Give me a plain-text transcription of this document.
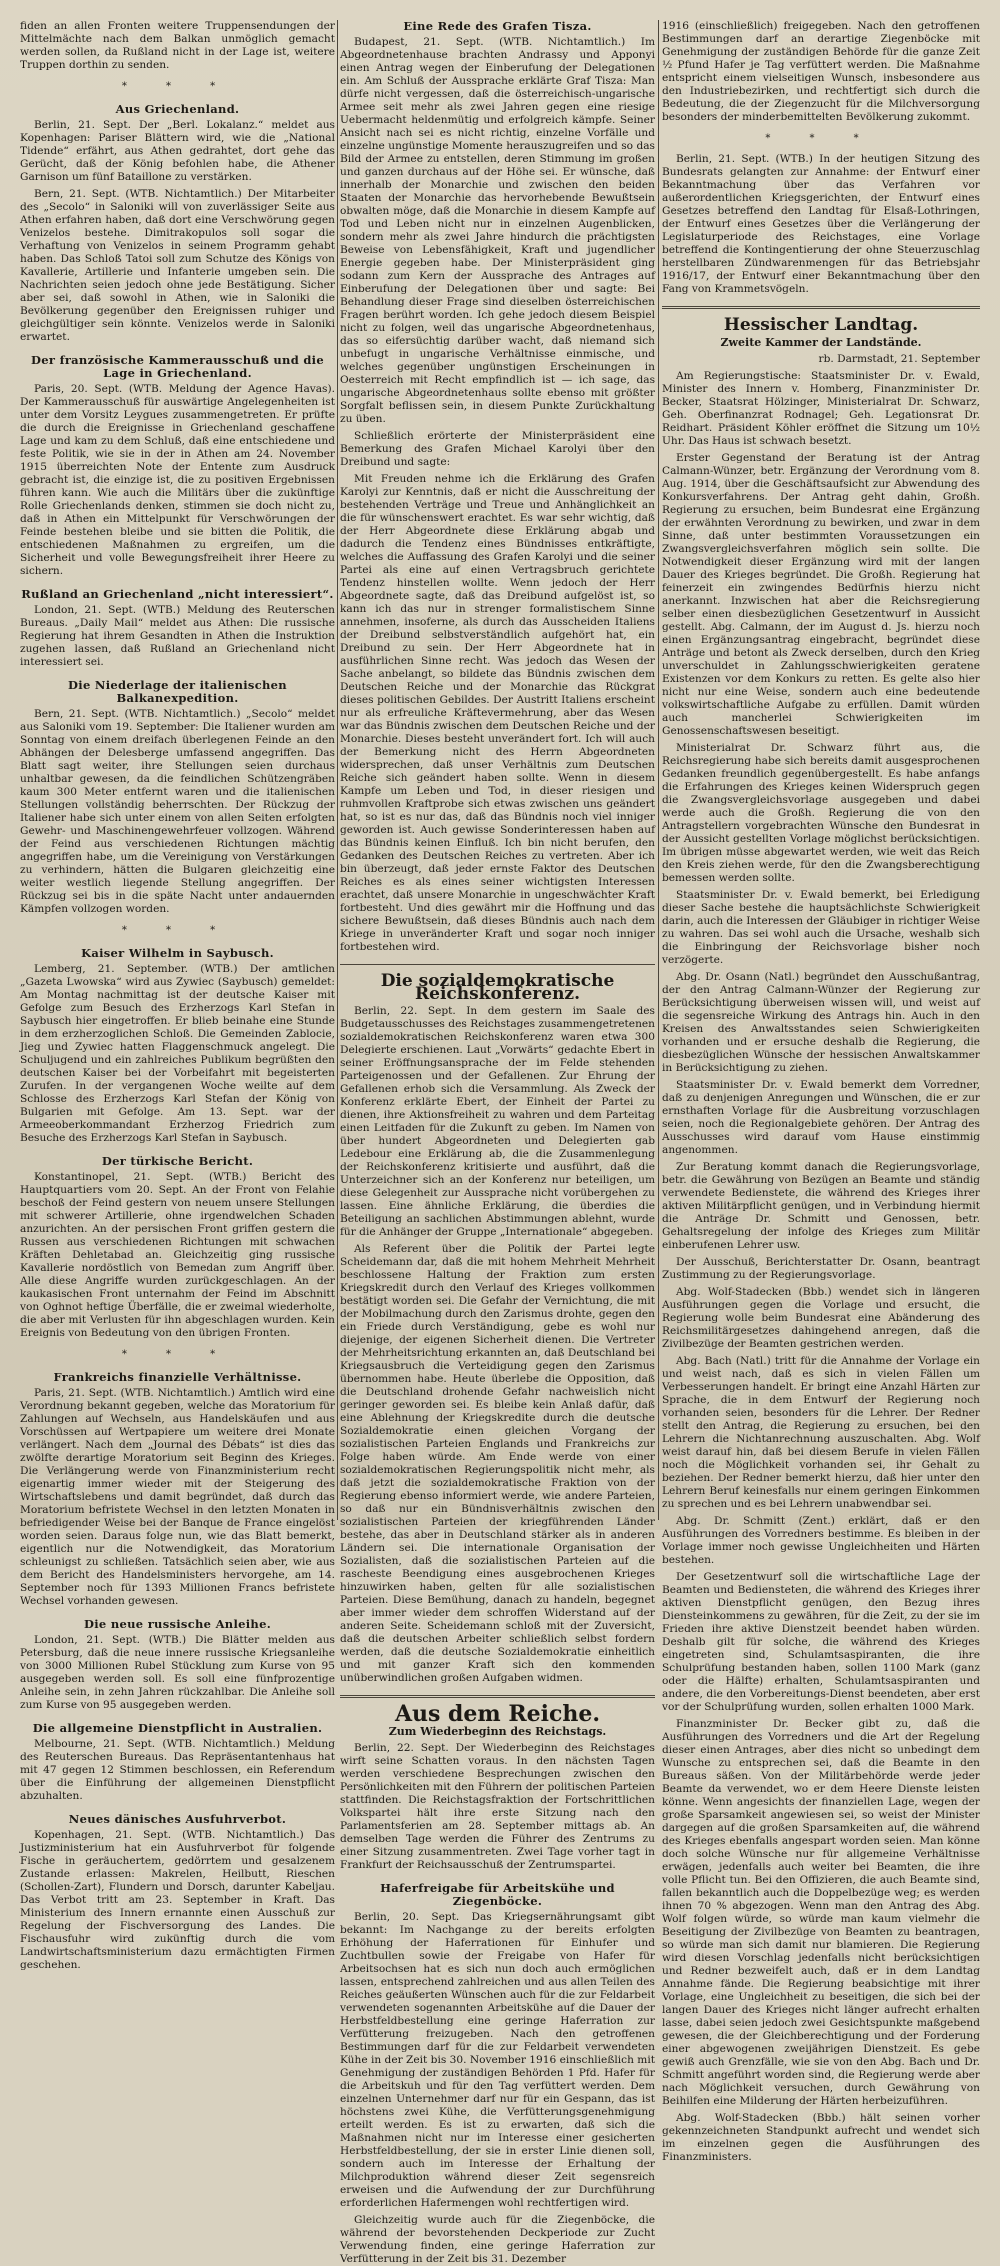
fiden an allen Fronten weitere Truppensendungen der Mittelmächte nach dem Balkan unmöglich gemacht werden sollen, da Rußland nicht in der Lage ist, weitere Truppen dorthin zu senden.

* * *
Aus Griechenland.

Berlin, 21. Sept. Der „Berl. Lokalanz.“ meldet aus Kopenhagen: Pariser Blättern wird, wie die „National Tidende“ erfährt, aus Athen gedrahtet, dort gehe das Gerücht, daß der König befohlen habe, die Athener Garnison um fünf Bataillone zu verstärken.

Bern, 21. Sept. (WTB. Nichtamtlich.) Der Mitarbeiter des „Secolo“ in Saloniki will von zuverlässiger Seite aus Athen erfahren haben, daß dort eine Verschwörung gegen Venizelos bestehe. Dimitrakopulos soll sogar die Verhaftung von Venizelos in seinem Programm gehabt haben. Das Schloß Tatoi soll zum Schutze des Königs von Kavallerie, Artillerie und Infanterie umgeben sein. Die Nachrichten seien jedoch ohne jede Bestätigung. Sicher aber sei, daß sowohl in Athen, wie in Saloniki die Bevölkerung gegenüber den Ereignissen ruhiger und gleichgültiger sein könnte. Venizelos werde in Saloniki erwartet.

Der französische Kammerausschuß und die Lage in Griechenland.

Paris, 20. Sept. (WTB. Meldung der Agence Havas). Der Kammerausschuß für auswärtige Angelegenheiten ist unter dem Vorsitz Leygues zusammengetreten. Er prüfte die durch die Ereignisse in Griechenland geschaffene Lage und kam zu dem Schluß, daß eine entschiedene und feste Politik, wie sie in der in Athen am 24. November 1915 überreichten Note der Entente zum Ausdruck gebracht ist, die einzige ist, die zu positiven Ergebnissen führen kann. Wie auch die Militärs über die zukünftige Rolle Griechenlands denken, stimmen sie doch nicht zu, daß in Athen ein Mittelpunkt für Verschwörungen der Feinde bestehen bleibe und sie bitten die Politik, die entschiedenen Maßnahmen zu ergreifen, um die Sicherheit und volle Bewegungsfreiheit ihrer Heere zu sichern.

Rußland an Griechenland „nicht interessiert“.

London, 21. Sept. (WTB.) Meldung des Reuterschen Bureaus. „Daily Mail“ meldet aus Athen: Die russische Regierung hat ihrem Gesandten in Athen die Instruktion zugehen lassen, daß Rußland an Griechenland nicht interessiert sei.

Die Niederlage der italienischen Balkanexpedition.

Bern, 21. Sept. (WTB. Nichtamtlich.) „Secolo“ meldet aus Saloniki vom 19. September: Die Italiener wurden am Sonntag von einem dreifach überlegenen Feinde an den Abhängen der Delesberge umfassend angegriffen. Das Blatt sagt weiter, ihre Stellungen seien durchaus unhaltbar gewesen, da die feindlichen Schützengräben kaum 300 Meter entfernt waren und die italienischen Stellungen vollständig beherrschten. Der Rückzug der Italiener habe sich unter einem von allen Seiten erfolgten Gewehr- und Maschinengewehrfeuer vollzogen. Während der Feind aus verschiedenen Richtungen mächtig angegriffen habe, um die Vereinigung von Verstärkungen zu verhindern, hätten die Bulgaren gleichzeitig eine weiter westlich liegende Stellung angegriffen. Der Rückzug sei bis in die späte Nacht unter andauernden Kämpfen vollzogen worden.

* * *
Kaiser Wilhelm in Saybusch.

Lemberg, 21. September. (WTB.) Der amtlichen „Gazeta Lwowska“ wird aus Zywiec (Saybusch) gemeldet: Am Montag nachmittag ist der deutsche Kaiser mit Gefolge zum Besuch des Erzherzogs Karl Stefan in Saybusch hier eingetroffen. Er blieb beinahe eine Stunde in dem erzherzoglichen Schloß. Die Gemeinden Zablocie, Jieg und Zywiec hatten Flaggenschmuck angelegt. Die Schuljugend und ein zahlreiches Publikum begrüßten den deutschen Kaiser bei der Vorbeifahrt mit begeisterten Zurufen. In der vergangenen Woche weilte auf dem Schlosse des Erzherzogs Karl Stefan der König von Bulgarien mit Gefolge. Am 13. Sept. war der Armeeoberkommandant Erzherzog Friedrich zum Besuche des Erzherzogs Karl Stefan in Saybusch.

Der türkische Bericht.

Konstantinopel, 21. Sept. (WTB.) Bericht des Hauptquartiers vom 20. Sept. An der Front von Felahie beschoß der Feind gestern von neuem unsere Stellungen mit schwerer Artillerie, ohne irgendwelchen Schaden anzurichten. An der persischen Front griffen gestern die Russen aus verschiedenen Richtungen mit schwachen Kräften Dehletabad an. Gleichzeitig ging russische Kavallerie nordöstlich von Bemedan zum Angriff über. Alle diese Angriffe wurden zurückgeschlagen. An der kaukasischen Front unternahm der Feind im Abschnitt von Oghnot heftige Überfälle, die er zweimal wiederholte, die aber mit Verlusten für ihn abgeschlagen wurden. Kein Ereignis von Bedeutung von den übrigen Fronten.

* * *
Frankreichs finanzielle Verhältnisse.

Paris, 21. Sept. (WTB. Nichtamtlich.) Amtlich wird eine Verordnung bekannt gegeben, welche das Moratorium für Zahlungen auf Wechseln, aus Handelskäufen und aus Vorschüssen auf Wertpapiere um weitere drei Monate verlängert. Nach dem „Journal des Débats“ ist dies das zwölfte derartige Moratorium seit Beginn des Krieges. Die Verlängerung werde von Finanzministerium recht eigenartig immer wieder mit der Steigerung des Wirtschaftslebens und damit begründet, daß durch das Moratorium befristete Wechsel in den letzten Monaten in befriedigender Weise bei der Banque de France eingelöst worden seien. Daraus folge nun, wie das Blatt bemerkt, eigentlich nur die Notwendigkeit, das Moratorium schleunigst zu schließen. Tatsächlich seien aber, wie aus dem Bericht des Handelsministers hervorgehe, am 14. September noch für 1393 Millionen Francs befristete Wechsel vorhanden gewesen.

Die neue russische Anleihe.

London, 21. Sept. (WTB.) Die Blätter melden aus Petersburg, daß die neue innere russische Kriegsanleihe von 3000 Millionen Rubel Stücklung zum Kurse von 95 ausgegeben werden soll. Es soll eine fünfprozentige Anleihe sein, in zehn Jahren rückzahlbar. Die Anleihe soll zum Kurse von 95 ausgegeben werden.

Die allgemeine Dienstpflicht in Australien.

Melbourne, 21. Sept. (WTB. Nichtamtlich.) Meldung des Reuterschen Bureaus. Das Repräsentantenhaus hat mit 47 gegen 12 Stimmen beschlossen, ein Referendum über die Einführung der allgemeinen Dienstpflicht abzuhalten.

Neues dänisches Ausfuhrverbot.

Kopenhagen, 21. Sept. (WTB. Nichtamtlich.) Das Justizministerium hat ein Ausfuhrverbot für folgende Fische in geräuchertem, gedörrtem und gesalzenem Zustande erlassen: Makrelen, Heilbutt, Rieschen (Schollen-Zart), Flundern und Dorsch, darunter Kabeljau. Das Verbot tritt am 23. September in Kraft. Das Ministerium des Innern ernannte einen Ausschuß zur Regelung der Fischversorgung des Landes. Die Fischausfuhr wird zukünftig durch die vom Landwirtschaftsministerium dazu ermächtigten Firmen geschehen.

Eine Rede des Grafen Tisza.

Budapest, 21. Sept. (WTB. Nichtamtlich.) Im Abgeordnetenhause brachten Andrassy und Apponyi einen Antrag wegen der Einberufung der Delegationen ein. Am Schluß der Aussprache erklärte Graf Tisza: Man dürfe nicht vergessen, daß die österreichisch-ungarische Armee seit mehr als zwei Jahren gegen eine riesige Uebermacht heldenmütig und erfolgreich kämpfe. Seiner Ansicht nach sei es nicht richtig, einzelne Vorfälle und einzelne ungünstige Momente herauszugreifen und so das Bild der Armee zu entstellen, deren Stimmung im großen und ganzen durchaus auf der Höhe sei. Er wünsche, daß innerhalb der Monarchie und zwischen den beiden Staaten der Monarchie das hervorhebende Bewußtsein obwalten möge, daß die Monarchie in diesem Kampfe auf Tod und Leben nicht nur in einzelnen Augenblicken, sondern mehr als zwei Jahre hindurch die prächtigsten Beweise von Lebensfähigkeit, Kraft und jugendlicher Energie gegeben habe. Der Ministerpräsident ging sodann zum Kern der Aussprache des Antrages auf Einberufung der Delegationen über und sagte: Bei Behandlung dieser Frage sind dieselben österreichischen Fragen berührt worden. Ich gehe jedoch diesem Beispiel nicht zu folgen, weil das ungarische Abgeordnetenhaus, das so eifersüchtig darüber wacht, daß niemand sich unbefugt in ungarische Verhältnisse einmische, und welches gegenüber ungünstigen Erscheinungen in Oesterreich mit Recht empfindlich ist — ich sage, das ungarische Abgeordnetenhaus sollte ebenso mit größter Sorgfalt beflissen sein, in diesem Punkte Zurückhaltung zu üben.

Schließlich erörterte der Ministerpräsident eine Bemerkung des Grafen Michael Karolyi über den Dreibund und sagte:

Mit Freuden nehme ich die Erklärung des Grafen Karolyi zur Kenntnis, daß er nicht die Ausschreitung der bestehenden Verträge und Treue und Anhänglichkeit an die für wünschenswert erachtet. Es war sehr wichtig, daß der Herr Abgeordnete diese Erklärung abgab und dadurch die Tendenz eines Bündnisses entkräftigte, welches die Auffassung des Grafen Karolyi und die seiner Partei als eine auf einen Vertragsbruch gerichtete Tendenz hinstellen wollte. Wenn jedoch der Herr Abgeordnete sagte, daß das Dreibund aufgelöst ist, so kann ich das nur in strenger formalistischem Sinne annehmen, insoferne, als durch das Ausscheiden Italiens der Dreibund selbstverständlich aufgehört hat, ein Dreibund zu sein. Der Herr Abgeordnete hat in ausführlichen Sinne recht. Was jedoch das Wesen der Sache anbelangt, so bildete das Bündnis zwischen dem Deutschen Reiche und der Monarchie das Rückgrat dieses politischen Gebildes. Der Austritt Italiens erscheint nur als erfreuliche Kräftevermehrung, aber das Wesen war das Bündnis zwischen dem Deutschen Reiche und der Monarchie. Dieses besteht unverändert fort. Ich will auch der Bemerkung nicht des Herrn Abgeordneten widersprechen, daß unser Verhältnis zum Deutschen Reiche sich geändert haben sollte. Wenn in diesem Kampfe um Leben und Tod, in dieser riesigen und ruhmvollen Kraftprobe sich etwas zwischen uns geändert hat, so ist es nur das, daß das Bündnis noch viel inniger geworden ist. Auch gewisse Sonderinteressen haben auf das Bündnis keinen Einfluß. Ich bin nicht berufen, den Gedanken des Deutschen Reiches zu vertreten. Aber ich bin überzeugt, daß jeder ernste Faktor des Deutschen Reiches es als eines seiner wichtigsten Interessen erachtet, daß unsere Monarchie in ungeschwächter Kraft fortbesteht. Und dies gewährt mir die Hoffnung und das sichere Bewußtsein, daß dieses Bündnis auch nach dem Kriege in unveränderter Kraft und sogar noch inniger fortbestehen wird.

Die sozialdemokratische Reichskonferenz.

Berlin, 22. Sept. In dem gestern im Saale des Budgetausschusses des Reichstages zusammengetretenen sozialdemokratischen Reichskonferenz waren etwa 300 Delegierte erschienen. Laut „Vorwärts“ gedachte Ebert in seiner Eröffnungsansprache der im Felde stehenden Parteigenossen und der Gefallenen. Zur Ehrung der Gefallenen erhob sich die Versammlung. Als Zweck der Konferenz erklärte Ebert, der Einheit der Partei zu dienen, ihre Aktionsfreiheit zu wahren und dem Parteitag einen Leitfaden für die Zukunft zu geben. Im Namen von über hundert Abgeordneten und Delegierten gab Ledebour eine Erklärung ab, die die Zusammenlegung der Reichskonferenz kritisierte und ausführt, daß die Unterzeichner sich an der Konferenz nur beteiligen, um diese Gelegenheit zur Aussprache nicht vorübergehen zu lassen. Eine ähnliche Erklärung, die überdies die Beteiligung an sachlichen Abstimmungen ablehnt, wurde für die Anhänger der Gruppe „Internationale“ abgegeben.

Als Referent über die Politik der Partei legte Scheidemann dar, daß die mit hohem Mehrheit Mehrheit beschlossene Haltung der Fraktion zum ersten Kriegskredit durch den Verlauf des Krieges vollkommen bestätigt worden sei. Die Gefahr der Vernichtung, die mit der Mobilmachung durch den Zarismus drohte, gegen den ein Friede durch Verständigung, gebe es wohl nur diejenige, der eigenen Sicherheit dienen. Die Vertreter der Mehrheitsrichtung erkannten an, daß Deutschland bei Kriegsausbruch die Verteidigung gegen den Zarismus übernommen habe. Heute überlebe die Opposition, daß die Deutschland drohende Gefahr nachweislich nicht geringer geworden sei. Es bleibe kein Anlaß dafür, daß eine Ablehnung der Kriegskredite durch die deutsche Sozialdemokratie einen gleichen Vorgang der sozialistischen Parteien Englands und Frankreichs zur Folge haben würde. Am Ende werde von einer sozialdemokratischen Regierungspolitik nicht mehr, als daß jetzt die sozialdemokratische Fraktion von der Regierung ebenso informiert werde, wie andere Parteien, so daß nur ein Bündnisverhältnis zwischen den sozialistischen Parteien der kriegführenden Länder bestehe, das aber in Deutschland stärker als in anderen Ländern sei. Die internationale Organisation der Sozialisten, daß die sozialistischen Parteien auf die rascheste Beendigung eines ausgebrochenen Krieges hinzuwirken haben, gelten für alle sozialistischen Parteien. Diese Bemühung, danach zu handeln, begegnet aber immer wieder dem schroffen Widerstand auf der anderen Seite. Scheidemann schloß mit der Zuversicht, daß die deutschen Arbeiter schließlich selbst fordern werden, daß die deutsche Sozialdemokratie einheitlich und mit ganzer Kraft sich den kommenden unüberwindlichen großen Aufgaben widmen.

Aus dem Reiche.
Zum Wiederbeginn des Reichstags.

Berlin, 22. Sept. Der Wiederbeginn des Reichstages wirft seine Schatten voraus. In den nächsten Tagen werden verschiedene Besprechungen zwischen den Persönlichkeiten mit den Führern der politischen Parteien stattfinden. Die Reichstagsfraktion der Fortschrittlichen Volkspartei hält ihre erste Sitzung nach den Parlamentsferien am 28. September mittags ab. An demselben Tage werden die Führer des Zentrums zu einer Sitzung zusammentreten. Zwei Tage vorher tagt in Frankfurt der Reichsausschuß der Zentrumspartei.

Haferfreigabe für Arbeitskühe und Ziegenböcke.

Berlin, 20. Sept. Das Kriegsernährungsamt gibt bekannt: Im Nachgange zu der bereits erfolgten Erhöhung der Haferrationen für Einhufer und Zuchtbullen sowie der Freigabe von Hafer für Arbeitsochsen hat es sich nun doch auch ermöglichen lassen, entsprechend zahlreichen und aus allen Teilen des Reiches geäußerten Wünschen auch für die zur Feldarbeit verwendeten sogenannten Arbeitskühe auf die Dauer der Herbstfeldbestellung eine geringe Haferration zur Verfütterung freizugeben. Nach den getroffenen Bestimmungen darf für die zur Feldarbeit verwendeten Kühe in der Zeit bis 30. November 1916 einschließlich mit Genehmigung der zuständigen Behörden 1 Pfd. Hafer für die Arbeitskuh und für den Tag verfüttert werden. Dem einzelnen Unternehmer darf nur für ein Gespann, das ist höchstens zwei Kühe, die Verfütterungsgenehmigung erteilt werden. Es ist zu erwarten, daß sich die Maßnahmen nicht nur im Interesse einer gesicherten Herbstfeldbestellung, der sie in erster Linie dienen soll, sondern auch im Interesse der Erhaltung der Milchproduktion während dieser Zeit segensreich erweisen und die Aufwendung der zur Durchführung erforderlichen Hafermengen wohl rechtfertigen wird.

Gleichzeitig wurde auch für die Ziegenböcke, die während der bevorstehenden Deckperiode zur Zucht Verwendung finden, eine geringe Haferration zur Verfütterung in der Zeit bis 31. Dezember

1916 (einschließlich) freigegeben. Nach den getroffenen Bestimmungen darf an derartige Ziegenböcke mit Genehmigung der zuständigen Behörde für die ganze Zeit ½ Pfund Hafer je Tag verfüttert werden. Die Maßnahme entspricht einem vielseitigen Wunsch, insbesondere aus den Industriebezirken, und rechtfertigt sich durch die Bedeutung, die der Ziegenzucht für die Milchversorgung besonders der minderbemittelten Bevölkerung zukommt.

* * *

Berlin, 21. Sept. (WTB.) In der heutigen Sitzung des Bundesrats gelangten zur Annahme: der Entwurf einer Bekanntmachung über das Verfahren vor außerordentlichen Kriegsgerichten, der Entwurf eines Gesetzes betreffend den Landtag für Elsaß-Lothringen, der Entwurf eines Gesetzes über die Verlängerung der Legislaturperiode des Reichstages, eine Vorlage betreffend die Kontingentierung der ohne Steuerzuschlag herstellbaren Zündwarenmengen für das Betriebsjahr 1916/17, der Entwurf einer Bekanntmachung über den Fang von Krammetsvögeln.

Hessischer Landtag.
Zweite Kammer der Landstände.

rb. Darmstadt, 21. September

Am Regierungstische: Staatsminister Dr. v. Ewald, Minister des Innern v. Homberg, Finanzminister Dr. Becker, Staatsrat Hölzinger, Ministerialrat Dr. Schwarz, Geh. Oberfinanzrat Rodnagel; Geh. Legationsrat Dr. Reidhart. Präsident Köhler eröffnet die Sitzung um 10½ Uhr. Das Haus ist schwach besetzt.

Erster Gegenstand der Beratung ist der Antrag Calmann-Wünzer, betr. Ergänzung der Verordnung vom 8. Aug. 1914, über die Geschäftsaufsicht zur Abwendung des Konkursverfahrens. Der Antrag geht dahin, Großh. Regierung zu ersuchen, beim Bundesrat eine Ergänzung der erwähnten Verordnung zu bewirken, und zwar in dem Sinne, daß unter bestimmten Voraussetzungen ein Zwangsvergleichsverfahren möglich sein sollte. Die Notwendigkeit dieser Ergänzung wird mit der langen Dauer des Krieges begründet. Die Großh. Regierung hat feinerzeit ein zwingendes Bedürfnis hierzu nicht anerkannt. Inzwischen hat aber die Reichsregierung selber einen diesbezüglichen Gesetzentwurf in Aussicht gestellt. Abg. Calmann, der im August d. Js. hierzu noch einen Ergänzungsantrag eingebracht, begründet diese Anträge und betont als Zweck derselben, durch den Krieg unverschuldet in Zahlungsschwierigkeiten geratene Existenzen vor dem Konkurs zu retten. Es gelte also hier nicht nur eine Weise, sondern auch eine bedeutende volkswirtschaftliche Aufgabe zu erfüllen. Damit würden auch mancherlei Schwierigkeiten im Genossenschaftswesen beseitigt.

Ministerialrat Dr. Schwarz führt aus, die Reichsregierung habe sich bereits damit ausgesprochenen Gedanken freundlich gegenübergestellt. Es habe anfangs die Erfahrungen des Krieges keinen Widerspruch gegen die Zwangsvergleichsvorlage ausgegeben und dabei werde auch die Großh. Regierung die von den Antragstellern vorgebrachten Wünsche den Bundesrat in der Aussicht gestellten Vorlage möglichst berücksichtigen. Im übrigen müsse abgewartet werden, wie weit das Reich den Kreis ziehen werde, für den die Zwangsberechtigung bemessen werden sollte.

Staatsminister Dr. v. Ewald bemerkt, bei Erledigung dieser Sache bestehe die hauptsächlichste Schwierigkeit darin, auch die Interessen der Gläubiger in richtiger Weise zu wahren. Das sei wohl auch die Ursache, weshalb sich die Einbringung der Reichsvorlage bisher noch verzögerte.

Abg. Dr. Osann (Natl.) begründet den Ausschußantrag, der den Antrag Calmann-Wünzer der Regierung zur Berücksichtigung überweisen wissen will, und weist auf die segensreiche Wirkung des Antrags hin. Auch in den Kreisen des Anwaltsstandes seien Schwierigkeiten vorhanden und er ersuche deshalb die Regierung, die diesbezüglichen Wünsche der hessischen Anwaltskammer in Berücksichtigung zu ziehen.

Staatsminister Dr. v. Ewald bemerkt dem Vorredner, daß zu denjenigen Anregungen und Wünschen, die er zur ernsthaften Vorlage für die Ausbreitung vorzuschlagen seien, noch die Regionalgebiete gehören. Der Antrag des Ausschusses wird darauf vom Hause einstimmig angenommen.

Zur Beratung kommt danach die Regierungsvorlage, betr. die Gewährung von Bezügen an Beamte und ständig verwendete Bedienstete, die während des Krieges ihrer aktiven Militärpflicht genügen, und in Verbindung hiermit die Anträge Dr. Schmitt und Genossen, betr. Gehaltsregelung der infolge des Krieges zum Militär einberufenen Lehrer usw.

Der Ausschuß, Berichterstatter Dr. Osann, beantragt Zustimmung zu der Regierungsvorlage.

Abg. Wolf-Stadecken (Bbb.) wendet sich in längeren Ausführungen gegen die Vorlage und ersucht, die Regierung wolle beim Bundesrat eine Abänderung des Reichsmilitärgesetzes dahingehend anregen, daß die Zivilbezüge der Beamten gestrichen werden.

Abg. Bach (Natl.) tritt für die Annahme der Vorlage ein und weist nach, daß es sich in vielen Fällen um Verbesserungen handelt. Er bringt eine Anzahl Härten zur Sprache, die in dem Entwurf der Regierung noch vorhanden seien, besonders für die Lehrer. Der Redner stellt den Antrag, die Regierung zu ersuchen, bei den Lehrern die Nichtanrechnung auszuschalten. Abg. Wolf weist darauf hin, daß bei diesem Berufe in vielen Fällen noch die Möglichkeit vorhanden sei, ihr Gehalt zu beziehen. Der Redner bemerkt hierzu, daß hier unter den Lehrern Beruf keinesfalls nur einem geringen Einkommen zu sprechen und es bei Lehrern unabwendbar sei.

Abg. Dr. Schmitt (Zent.) erklärt, daß er den Ausführungen des Vorredners bestimme. Es bleiben in der Vorlage immer noch gewisse Ungleichheiten und Härten bestehen.

Der Gesetzentwurf soll die wirtschaftliche Lage der Beamten und Bediensteten, die während des Krieges ihrer aktiven Dienstpflicht genügen, den Bezug ihres Diensteinkommens zu gewähren, für die Zeit, zu der sie im Frieden ihre aktive Dienstzeit beendet haben würden. Deshalb gilt für solche, die während des Krieges eingetreten sind, Schulamtsaspiranten, die ihre Schulprüfung bestanden haben, sollen 1100 Mark (ganz oder die Hälfte) erhalten, Schulamtsaspiranten und andere, die den Vorbereitungs-Dienst beendeten, aber erst vor der Schulprüfung wurden, sollen erhalten 1000 Mark.

Finanzminister Dr. Becker gibt zu, daß die Ausführungen des Vorredners und die Art der Regelung dieser einen Antrages, aber dies nicht so unbedingt dem Wunsche zu entsprechen sei, daß die Beamte in den Bureaus säßen. Von der Militärbehörde werde jeder Beamte da verwendet, wo er dem Heere Dienste leisten könne. Wenn angesichts der finanziellen Lage, wegen der große Sparsamkeit angewiesen sei, so weist der Minister dargegen auf die großen Sparsamkeiten auf, die während des Krieges ebenfalls angespart worden seien. Man könne doch solche Wünsche nur für allgemeine Verhältnisse erwägen, jedenfalls auch weiter bei Beamten, die ihre volle Pflicht tun. Bei den Offizieren, die auch Beamte sind, fallen bekanntlich auch die Doppelbezüge weg; es werden ihnen 70 % abgezogen. Wenn man den Antrag des Abg. Wolf folgen würde, so würde man kaum vielmehr die Beseitigung der Zivilbezüge von Beamten zu beantragen, so würde man sich damit nur blamieren. Die Regierung wird diesen Vorschlag jedenfalls nicht berücksichtigen und Redner bezweifelt auch, daß er in dem Landtag Annahme fände. Die Regierung beabsichtige mit ihrer Vorlage, eine Ungleichheit zu beseitigen, die sich bei der langen Dauer des Krieges nicht länger aufrecht erhalten lasse, dabei seien jedoch zwei Gesichtspunkte maßgebend gewesen, die der Gleichberechtigung und der Forderung einer abgewogenen zweijährigen Dienstzeit. Es gebe gewiß auch Grenzfälle, wie sie von den Abg. Bach und Dr. Schmitt angeführt worden sind, die Regierung werde aber nach Möglichkeit versuchen, durch Gewährung von Beihilfen eine Milderung der Härten herbeizuführen.

Abg. Wolf-Stadecken (Bbb.) hält seinen vorher gekennzeichneten Standpunkt aufrecht und wendet sich im einzelnen gegen die Ausführungen des Finanzministers.
